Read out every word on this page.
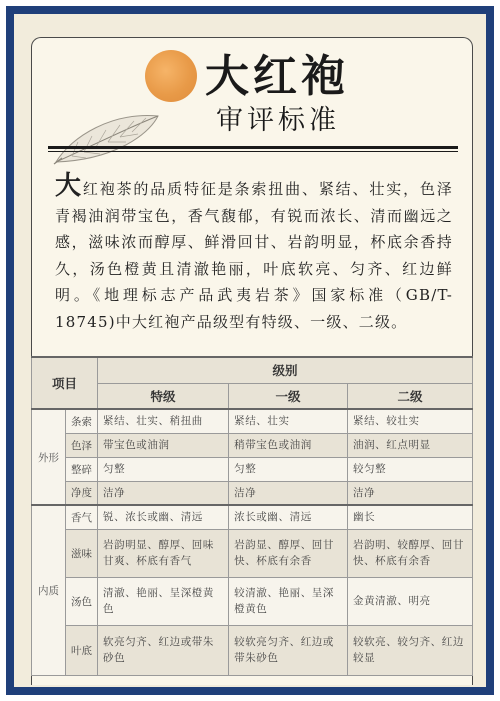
大红袍
审评标准
大红袍茶的品质特征是条索扭曲、紧结、壮实，色泽青褐油润带宝色，香气馥郁，有锐而浓长、清而幽远之感，滋味浓而醇厚、鲜滑回甘、岩韵明显，杯底余香持久，汤色橙黄且清澈艳丽，叶底软亮、匀齐、红边鲜明。《地理标志产品武夷岩茶》国家标准（GB/T-18745)中大红袍产品级型有特级、一级、二级。
项目		级别		
		特级	一级	二级
外形	条索	紧结、壮实、稍扭曲	紧结、壮实	紧结、较壮实
	色泽	带宝色或油润	稍带宝色或油润	油润、红点明显
	整碎	匀整	匀整	较匀整
	净度	洁净	洁净	洁净
内质	香气	锐、浓长或幽、清远	浓长或幽、清远	幽长
	滋味	岩韵明显、醇厚、回味甘爽、杯底有香气	岩韵显、醇厚、回甘快、杯底有余香	岩韵明、较醇厚、回甘快、杯底有余香
	汤色	清澈、艳丽、呈深橙黄色	较清澈、艳丽、呈深橙黄色	金黄清澈、明亮
	叶底	软亮匀齐、红边或带朱砂色	较软亮匀齐、红边或带朱砂色	较软亮、较匀齐、红边较显
